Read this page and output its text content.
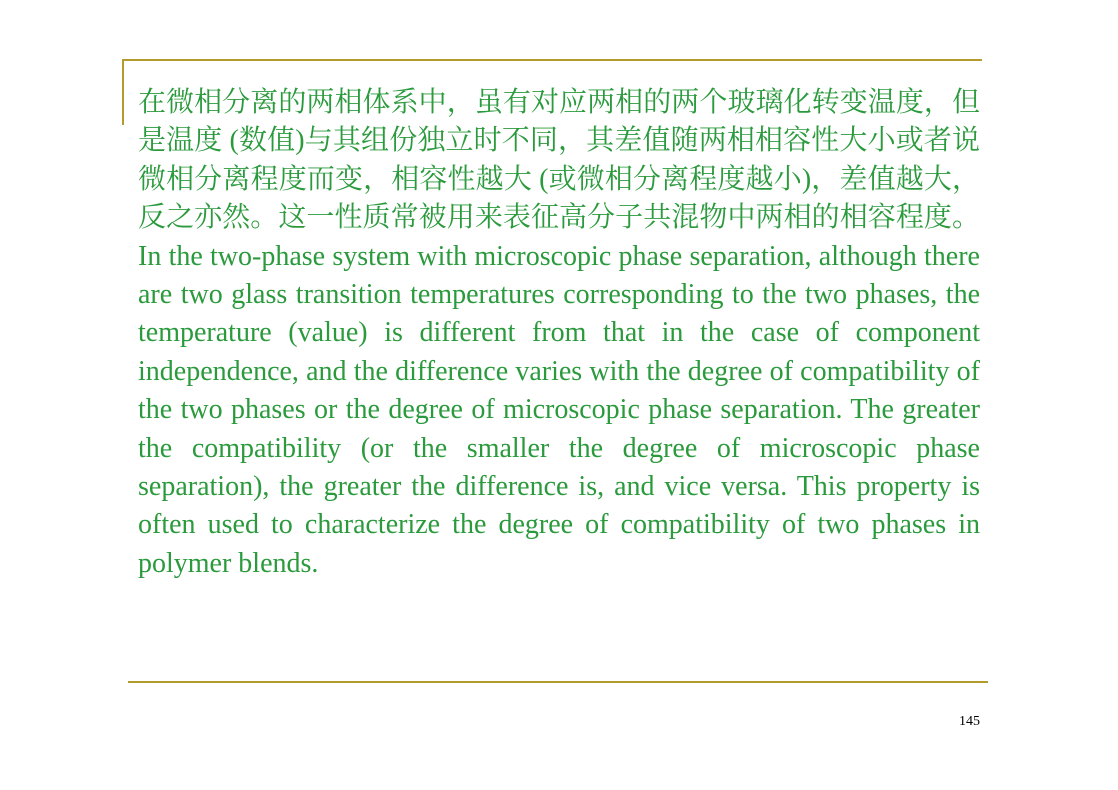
在微相分离的两相体系中，虽有对应两相的两个玻璃化转变温度，但是温度 (数值)与其组份独立时不同，其差值随两相相容性大小或者说微相分离程度而变，相容性越大 (或微相分离程度越小)，差值越大，反之亦然。这一性质常被用来表征高分子共混物中两相的相容程度。 In the two-phase system with microscopic phase separation, although there are two glass transition temperatures corresponding to the two phases, the temperature (value) is different from that in the case of component independence, and the difference varies with the degree of compatibility of the two phases or the degree of microscopic phase separation. The greater the compatibility (or the smaller the degree of microscopic phase separation), the greater the difference is, and vice versa. This property is often used to characterize the degree of compatibility of two phases in polymer blends.

145
